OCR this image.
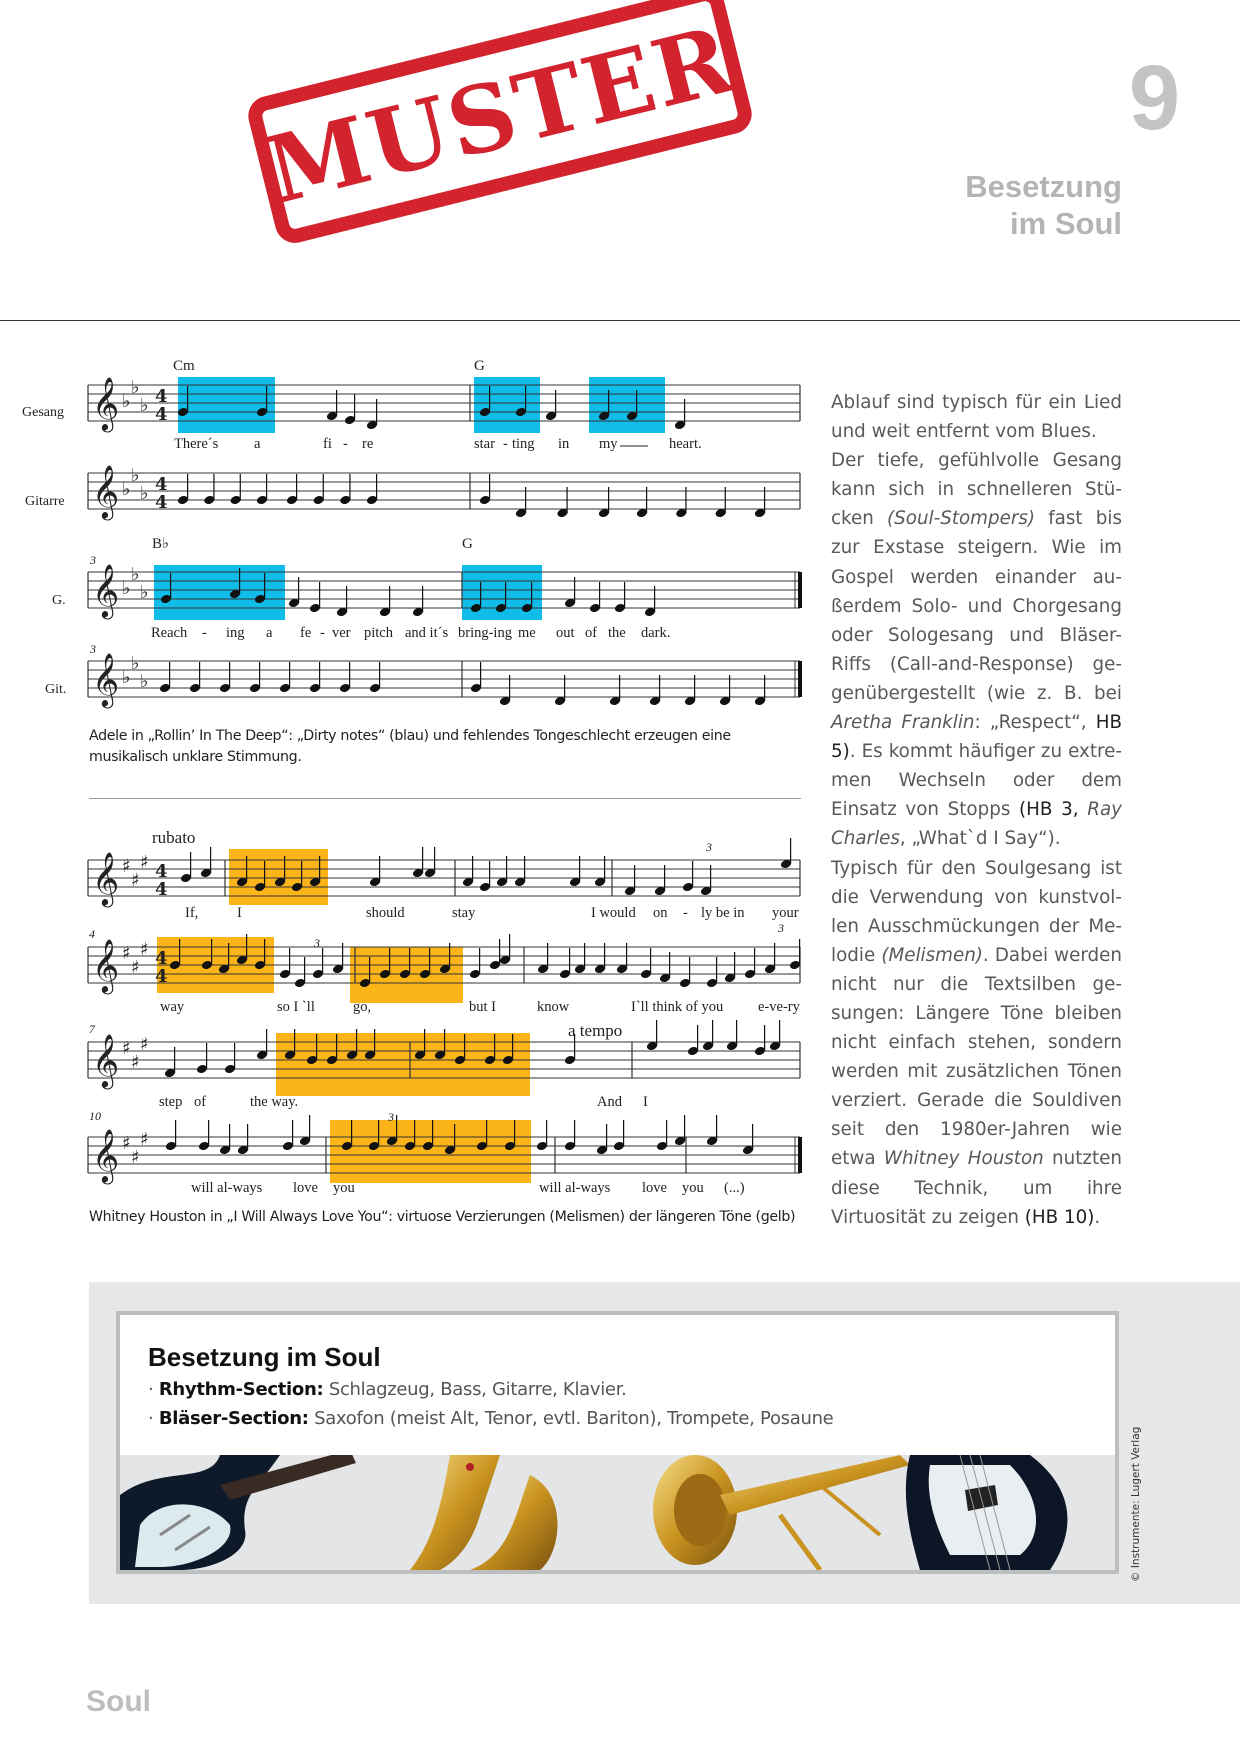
MUSTER	9
Besetzung
im Soul
Gesang
Gitarre
G.
Git.
Cm	G
B♭	G
3
3
𝄞 ♭
♭
♭ 4
4
𝄞 ♭
♭
♭ 4
4
𝄞 ♭
♭
♭
𝄞 ♭
♭
♭
There´s a	fi - re	star - ting in my	heart.
Reach - ing a fe - ver pitch and it´s bring-ing me out of the dark.
Adele in „Rollin’ In The Deep“: „Dirty notes“ (blau) und fehlendes Tongeschlecht erzeugen eine musikalisch unklare Stimmung.
rubato
a tempo
4
7
10
3
3
3
3
𝄞 ♯
♯
♯ 4
4
𝄞 ♯
♯
♯ 4
4
𝄞 ♯
♯
♯
𝄞 ♯
♯
♯
If,	I	should	stay	I would on - ly be in your
way	so I `ll	go,	but I	know	I`ll think of you e-ve-ry
step of	the way.	And I
will al-ways love you	will al-ways love you (...)
Whitney Houston in „I Will Always Love You“: virtuose Verzierungen (Melismen) der längeren Töne (gelb)

Ablauf sind typisch für ein Lied und weit entfernt vom Blues.

Der tiefe, gefühlvolle Gesang kann sich in schnelleren Stücken (Soul-Stompers) fast bis zur Exstase steigern. Wie im Gospel werden einander außerdem Solo- und Chorgesang oder Sologesang und Bläser-Riffs (Call-and-Response) gegenübergestellt (wie z. B. bei Aretha Franklin: „Respect“, HB 5). Es kommt häufiger zu extremen Wechseln oder dem Einsatz von Stopps (HB 3, Ray Charles, „What`d I Say“).

Typisch für den Soulgesang ist die Verwendung von kunstvollen Ausschmückungen der Melodie (Melismen). Dabei werden nicht nur die Textsilben gesungen: Längere Töne bleiben nicht einfach stehen, sondern werden mit zusätzlichen Tönen verziert. Gerade die Souldiven seit den 1980er-Jahren wie etwa Whitney Houston nutzten diese Technik, um ihre Virtuosität zu zeigen (HB 10).

Besetzung im Soul
· Rhythm-Section: Schlagzeug, Bass, Gitarre, Klavier.
· Bläser-Section: Saxofon (meist Alt, Tenor, evtl. Bariton), Trompete, Posaune
© Instrumente: Lugert Verlag
Soul
